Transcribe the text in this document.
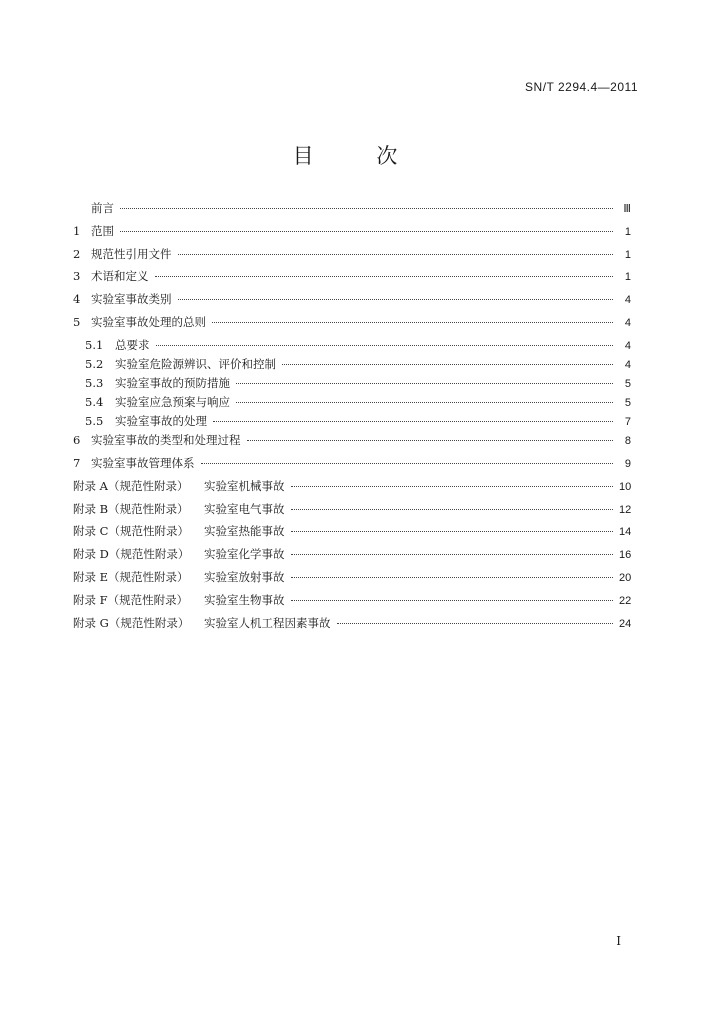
SN/T 2294.4—2011
目 次
前言	Ⅲ
1 范围	1
2 规范性引用文件	1
3 术语和定义	1
4 实验室事故类别	4
5 实验室事故处理的总则	4
5.1	总要求	4
5.2	实验室危险源辨识、评价和控制	4
5.3	实验室事故的预防措施	5
5.4	实验室应急预案与响应	5
5.5	实验室事故的处理	7
6 实验室事故的类型和处理过程	8
7 实验室事故管理体系	9
附录 A（规范性附录）	实验室机械事故	10
附录 B（规范性附录）	实验室电气事故	12
附录 C（规范性附录）	实验室热能事故	14
附录 D（规范性附录）	实验室化学事故	16
附录 E（规范性附录）	实验室放射事故	20
附录 F（规范性附录）	实验室生物事故	22
附录 G（规范性附录）	实验室人机工程因素事故	24
I
